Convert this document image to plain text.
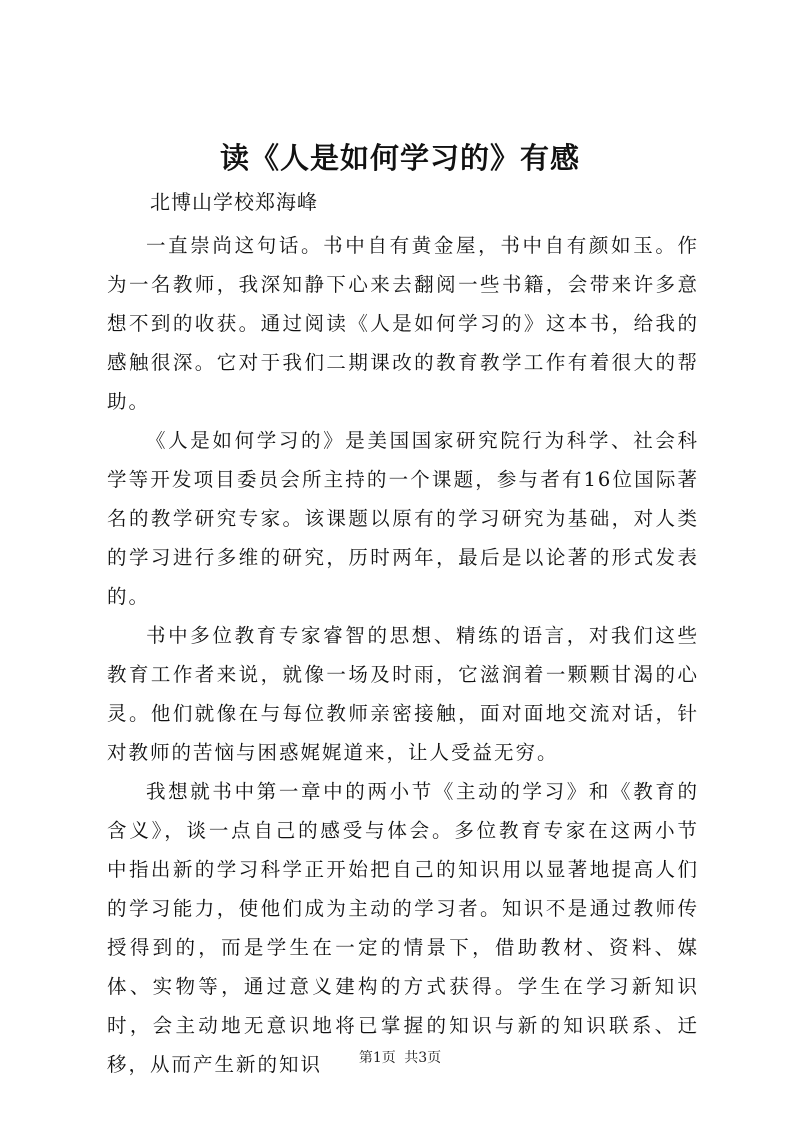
读《人是如何学习的》有感
北博山学校郑海峰

一直崇尚这句话。书中自有黄金屋，书中自有颜如玉。作为一名教师，我深知静下心来去翻阅一些书籍，会带来许多意想不到的收获。通过阅读《人是如何学习的》这本书，给我的感触很深。它对于我们二期课改的教育教学工作有着很大的帮助。

《人是如何学习的》是美国国家研究院行为科学、社会科学等开发项目委员会所主持的一个课题，参与者有16位国际著名的教学研究专家。该课题以原有的学习研究为基础，对人类的学习进行多维的研究，历时两年，最后是以论著的形式发表的。

书中多位教育专家睿智的思想、精练的语言，对我们这些教育工作者来说，就像一场及时雨，它滋润着一颗颗甘渴的心灵。他们就像在与每位教师亲密接触，面对面地交流对话，针对教师的苦恼与困惑娓娓道来，让人受益无穷。

我想就书中第一章中的两小节《主动的学习》和《教育的含义》，谈一点自己的感受与体会。多位教育专家在这两小节中指出新的学习科学正开始把自己的知识用以显著地提高人们的学习能力，使他们成为主动的学习者。知识不是通过教师传授得到的，而是学生在一定的情景下，借助教材、资料、媒体、实物等，通过意义建构的方式获得。学生在学习新知识时，会主动地无意识地将已掌握的知识与新的知识联系、迁移，从而产生新的知识	第1页 共3页
